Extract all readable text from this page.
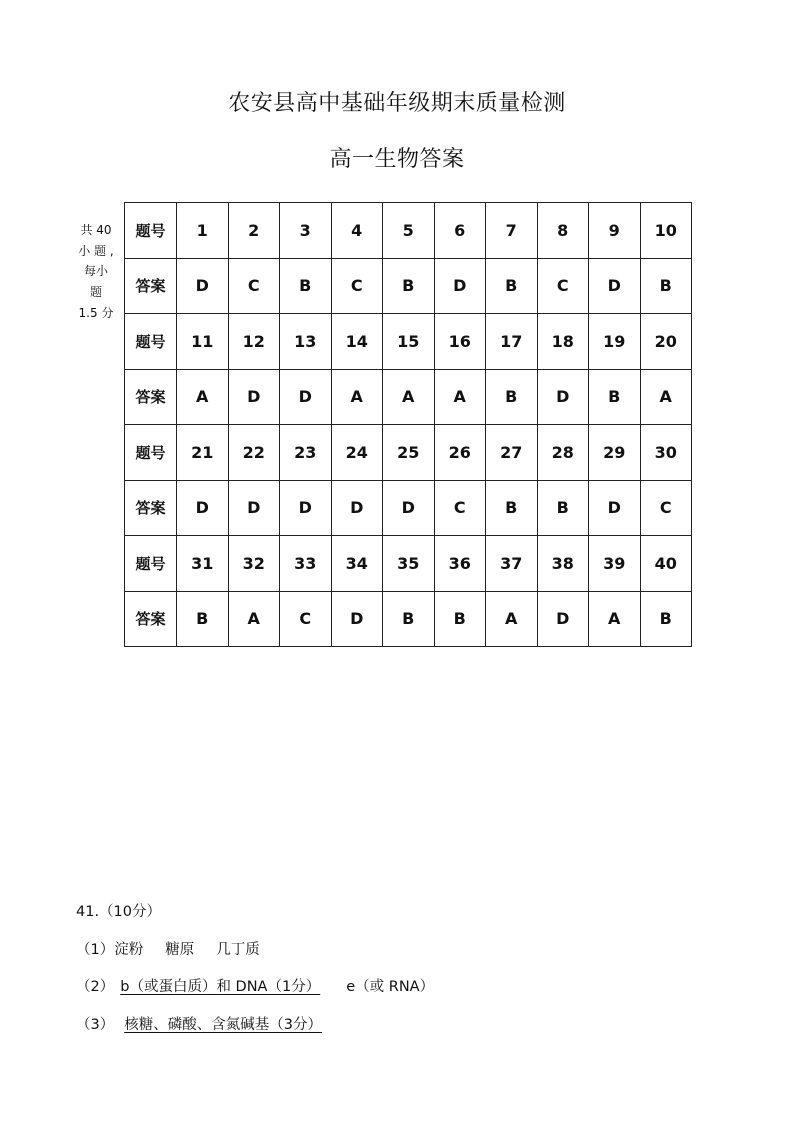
农安县高中基础年级期末质量检测
高一生物答案
共 40
小 题 ,
每小
题
1.5 分
题号	1	2	3	4	5	6	7	8	9	10
答案	D	C	B	C	B	D	B	C	D	B
题号	11	12	13	14	15	16	17	18	19	20
答案	A	D	D	A	A	A	B	D	B	A
题号	21	22	23	24	25	26	27	28	29	30
答案	D	D	D	D	D	C	B	B	D	C
题号	31	32	33	34	35	36	37	38	39	40
答案	B	A	C	D	B	B	A	D	A	B
41.（10分）
（1）淀粉 糖原 几丁质
（2） b（或蛋白质）和 DNA（1分） e（或 RNA）
（3） 核糖、磷酸、含氮碱基（3分）
